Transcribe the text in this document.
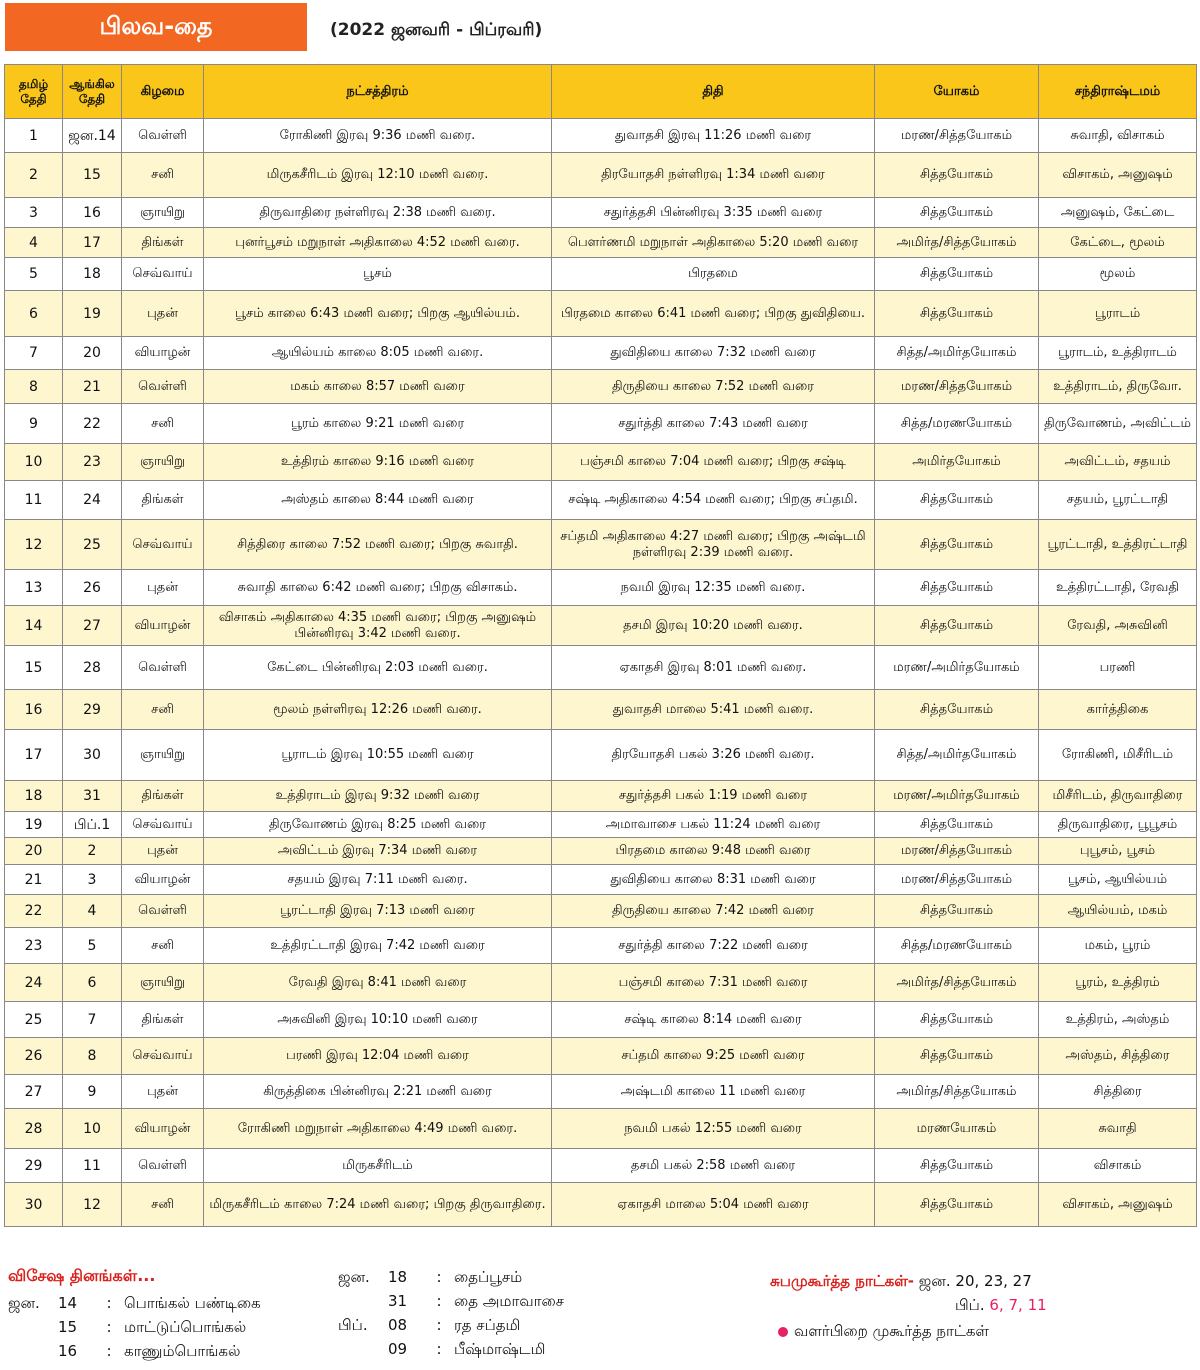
பிலவ-தை	(2022 ஜனவரி - பிப்ரவரி)
தமிழ் தேதி	ஆங்கில தேதி	கிழமை	நட்சத்திரம்	திதி	யோகம்	சந்திராஷ்டமம்
1	ஜன.14	வெள்ளி	ரோகிணி இரவு 9:36 மணி வரை.	துவாதசி இரவு 11:26 மணி வரை	மரண/சித்தயோகம்	சுவாதி, விசாகம்
2	15	சனி	மிருகசீரிடம் இரவு 12:10 மணி வரை.	திரயோதசி நள்ளிரவு 1:34 மணி வரை	சித்தயோகம்	விசாகம், அனுஷம்
3	16	ஞாயிறு	திருவாதிரை நள்ளிரவு 2:38 மணி வரை.	சதுர்த்தசி பின்னிரவு 3:35 மணி வரை	சித்தயோகம்	அனுஷம், கேட்டை
4	17	திங்கள்	புனர்பூசம் மறுநாள் அதிகாலை 4:52 மணி வரை.	பௌர்ணமி மறுநாள் அதிகாலை 5:20 மணி வரை	அமிர்த/சித்தயோகம்	கேட்டை, மூலம்
5	18	செவ்வாய்	பூசம்	பிரதமை	சித்தயோகம்	மூலம்
6	19	புதன்	பூசம் காலை 6:43 மணி வரை; பிறகு ஆயில்யம்.	பிரதமை காலை 6:41 மணி வரை; பிறகு துவிதியை.	சித்தயோகம்	பூராடம்
7	20	வியாழன்	ஆயில்யம் காலை 8:05 மணி வரை.	துவிதியை காலை 7:32 மணி வரை	சித்த/அமிர்தயோகம்	பூராடம், உத்திராடம்
8	21	வெள்ளி	மகம் காலை 8:57 மணி வரை	திருதியை காலை 7:52 மணி வரை	மரண/சித்தயோகம்	உத்திராடம், திருவோ.
9	22	சனி	பூரம் காலை 9:21 மணி வரை	சதுர்த்தி காலை 7:43 மணி வரை	சித்த/மரணயோகம்	திருவோணம், அவிட்டம்
10	23	ஞாயிறு	உத்திரம் காலை 9:16 மணி வரை	பஞ்சமி காலை 7:04 மணி வரை; பிறகு சஷ்டி	அமிர்தயோகம்	அவிட்டம், சதயம்
11	24	திங்கள்	அஸ்தம் காலை 8:44 மணி வரை	சஷ்டி அதிகாலை 4:54 மணி வரை; பிறகு சப்தமி.	சித்தயோகம்	சதயம், பூரட்டாதி
12	25	செவ்வாய்	சித்திரை காலை 7:52 மணி வரை; பிறகு சுவாதி.	சப்தமி அதிகாலை 4:27 மணி வரை; பிறகு அஷ்டமி நள்ளிரவு 2:39 மணி வரை.	சித்தயோகம்	பூரட்டாதி, உத்திரட்டாதி
13	26	புதன்	சுவாதி காலை 6:42 மணி வரை; பிறகு விசாகம்.	நவமி இரவு 12:35 மணி வரை.	சித்தயோகம்	உத்திரட்டாதி, ரேவதி
14	27	வியாழன்	விசாகம் அதிகாலை 4:35 மணி வரை; பிறகு அனுஷம் பின்னிரவு 3:42 மணி வரை.	தசமி இரவு 10:20 மணி வரை.	சித்தயோகம்	ரேவதி, அசுவினி
15	28	வெள்ளி	கேட்டை பின்னிரவு 2:03 மணி வரை.	ஏகாதசி இரவு 8:01 மணி வரை.	மரண/அமிர்தயோகம்	பரணி
16	29	சனி	மூலம் நள்ளிரவு 12:26 மணி வரை.	துவாதசி மாலை 5:41 மணி வரை.	சித்தயோகம்	கார்த்திகை
17	30	ஞாயிறு	பூராடம் இரவு 10:55 மணி வரை	திரயோதசி பகல் 3:26 மணி வரை.	சித்த/அமிர்தயோகம்	ரோகிணி, மிசீரிடம்
18	31	திங்கள்	உத்திராடம் இரவு 9:32 மணி வரை	சதுர்த்தசி பகல் 1:19 மணி வரை	மரண/அமிர்தயோகம்	மிசீரிடம், திருவாதிரை
19	பிப்.1	செவ்வாய்	திருவோணம் இரவு 8:25 மணி வரை	அமாவாசை பகல் 11:24 மணி வரை	சித்தயோகம்	திருவாதிரை, பூபூசம்
20	2	புதன்	அவிட்டம் இரவு 7:34 மணி வரை	பிரதமை காலை 9:48 மணி வரை	மரண/சித்தயோகம்	புபூசம், பூசம்
21	3	வியாழன்	சதயம் இரவு 7:11 மணி வரை.	துவிதியை காலை 8:31 மணி வரை	மரண/சித்தயோகம்	பூசம், ஆயில்யம்
22	4	வெள்ளி	பூரட்டாதி இரவு 7:13 மணி வரை	திருதியை காலை 7:42 மணி வரை	சித்தயோகம்	ஆயில்யம், மகம்
23	5	சனி	உத்திரட்டாதி இரவு 7:42 மணி வரை	சதுர்த்தி காலை 7:22 மணி வரை	சித்த/மரணயோகம்	மகம், பூரம்
24	6	ஞாயிறு	ரேவதி இரவு 8:41 மணி வரை	பஞ்சமி காலை 7:31 மணி வரை	அமிர்த/சித்தயோகம்	பூரம், உத்திரம்
25	7	திங்கள்	அசுவினி இரவு 10:10 மணி வரை	சஷ்டி காலை 8:14 மணி வரை	சித்தயோகம்	உத்திரம், அஸ்தம்
26	8	செவ்வாய்	பரணி இரவு 12:04 மணி வரை	சப்தமி காலை 9:25 மணி வரை	சித்தயோகம்	அஸ்தம், சித்திரை
27	9	புதன்	கிருத்திகை பின்னிரவு 2:21 மணி வரை	அஷ்டமி காலை 11 மணி வரை	அமிர்த/சித்தயோகம்	சித்திரை
28	10	வியாழன்	ரோகிணி மறுநாள் அதிகாலை 4:49 மணி வரை.	நவமி பகல் 12:55 மணி வரை	மரணயோகம்	சுவாதி
29	11	வெள்ளி	மிருகசீரிடம்	தசமி பகல் 2:58 மணி வரை	சித்தயோகம்	விசாகம்
30	12	சனி	மிருகசீரிடம் காலை 7:24 மணி வரை; பிறகு திருவாதிரை.	ஏகாதசி மாலை 5:04 மணி வரை	சித்தயோகம்	விசாகம், அனுஷம்
விசேஷ தினங்கள்...
ஜன. 14 : பொங்கல் பண்டிகை
15 : மாட்டுப்பொங்கல்
16 : காணும்பொங்கல்
ஜன. 18 : தைப்பூசம்
31 : தை அமாவாசை
பிப். 08 : ரத சப்தமி
09 : பீஷ்மாஷ்டமி
சுபமுகூர்த்த நாட்கள்- ஜன. 20, 23, 27
பிப். 6, 7, 11
வளர்பிறை முகூர்த்த நாட்கள்
